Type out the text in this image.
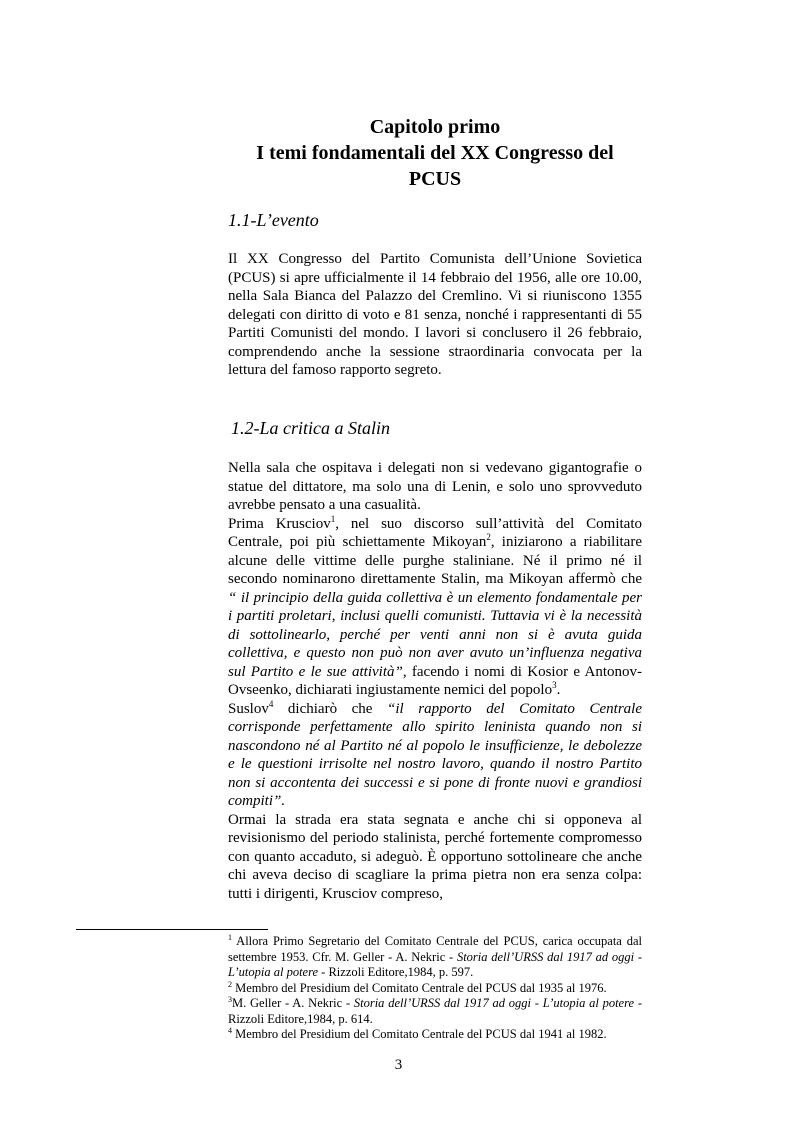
Capitolo primo
I temi fondamentali del XX Congresso del
PCUS
1.1-L’evento

Il XX Congresso del Partito Comunista dell’Unione Sovietica (PCUS) si apre ufficialmente il 14 febbraio del 1956, alle ore 10.00, nella Sala Bianca del Palazzo del Cremlino. Vi si riuniscono 1355 delegati con diritto di voto e 81 senza, nonché i rappresentanti di 55 Partiti Comunisti del mondo. I lavori si conclusero il 26 febbraio, comprendendo anche la sessione straordinaria convocata per la lettura del famoso rapporto segreto.

1.2-La critica a Stalin

Nella sala che ospitava i delegati non si vedevano gigantografie o statue del dittatore, ma solo una di Lenin, e solo uno sprovveduto avrebbe pensato a una casualità.

Prima Krusciov$^1$, nel suo discorso sull’attività del Comitato Centrale, poi più schiettamente Mikoyan$^2$, iniziarono a riabilitare alcune delle vittime delle purghe staliniane. Né il primo né il secondo nominarono direttamente Stalin, ma Mikoyan affermò che “ il principio della guida collettiva è un elemento fondamentale per i partiti proletari, inclusi quelli comunisti. Tuttavia vi è la necessità di sottolinearlo, perché per venti anni non si è avuta guida collettiva, e questo non può non aver avuto un’influenza negativa sul Partito e le sue attività”, facendo i nomi di Kosior e Antonov-Ovseenko, dichiarati ingiustamente nemici del popolo$^3$.

Suslov$^4$ dichiarò che “il rapporto del Comitato Centrale corrisponde perfettamente allo spirito leninista quando non si nascondono né al Partito né al popolo le insufficienze, le debolezze e le questioni irrisolte nel nostro lavoro, quando il nostro Partito non si accontenta dei successi e si pone di fronte nuovi e grandiosi compiti”.

Ormai la strada era stata segnata e anche chi si opponeva al revisionismo del periodo stalinista, perché fortemente compromesso con quanto accaduto, si adeguò. È opportuno sottolineare che anche chi aveva deciso di scagliare la prima pietra non era senza colpa: tutti i dirigenti, Krusciov compreso,

$^1$ Allora Primo Segretario del Comitato Centrale del PCUS, carica occupata dal settembre 1953. Cfr. M. Geller - A. Nekric - Storia dell’URSS dal 1917 ad oggi - L’utopia al potere - Rizzoli Editore,1984, p. 597.
$^2$ Membro del Presidium del Comitato Centrale del PCUS dal 1935 al 1976.
$^3$M. Geller - A. Nekric - Storia dell’URSS dal 1917 ad oggi - L’utopia al potere - Rizzoli Editore,1984, p. 614.
$^4$ Membro del Presidium del Comitato Centrale del PCUS dal 1941 al 1982.
3
